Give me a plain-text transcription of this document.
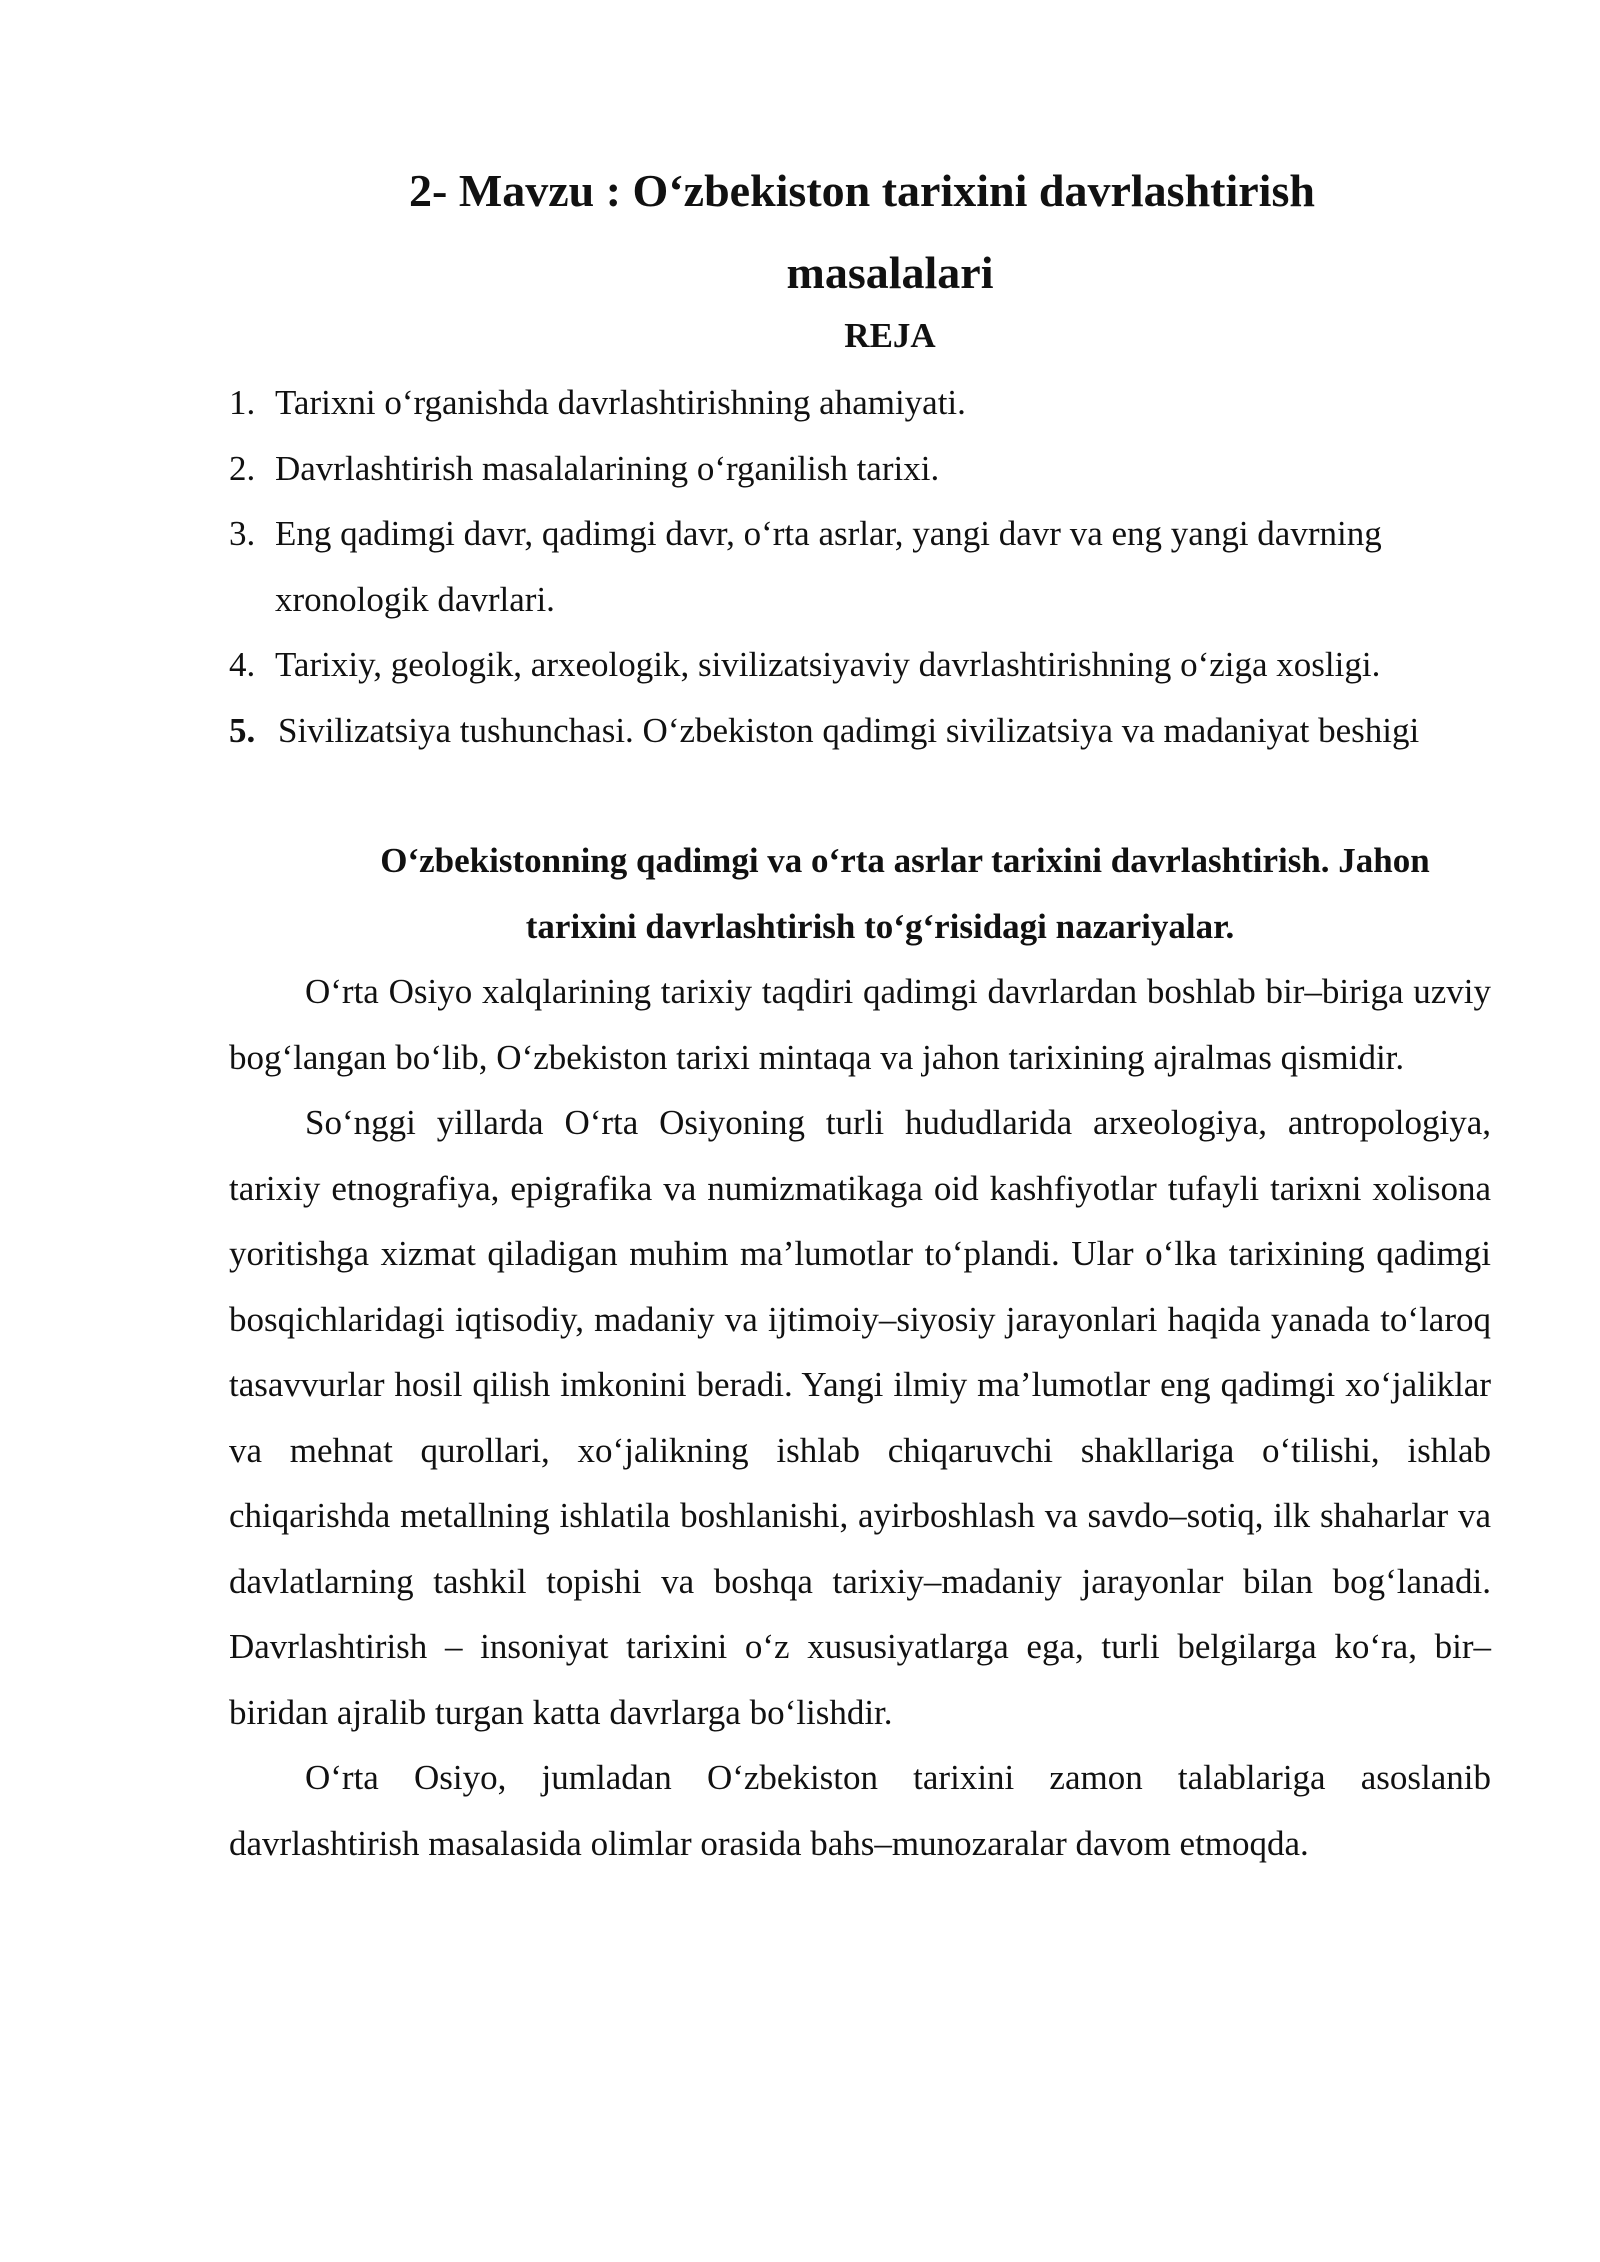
2- Mavzu : O‘zbekiston tarixini davrlashtirish
masalalari
REJA
1. Tarixni o‘rganishda davrlashtirishning ahamiyati.
2. Davrlashtirish masalalarining o‘rganilish tarixi.
3. Eng qadimgi davr, qadimgi davr, o‘rta asrlar, yangi davr va eng yangi davrning xronologik davrlari.
4. Tarixiy, geologik, arxeologik, sivilizatsiyaviy davrlashtirishning o‘ziga xosligi.
5. Sivilizatsiya tushunchasi. O‘zbekiston qadimgi sivilizatsiya va madaniyat beshigi
O‘zbekistonning qadimgi va o‘rta asrlar tarixini davrlashtirish. Jahon
tarixini davrlashtirish to‘g‘risidagi nazariyalar.

O‘rta Osiyo xalqlarining tarixiy taqdiri qadimgi davrlardan boshlab bir–biriga uzviy bog‘langan bo‘lib, O‘zbekiston tarixi mintaqa va jahon tarixining ajralmas qismidir.

So‘nggi yillarda O‘rta Osiyoning turli hududlarida arxeologiya, antropologiya, tarixiy etnografiya, epigrafika va numizmatikaga oid kashfiyotlar tufayli tarixni xolisona yoritishga xizmat qiladigan muhim ma’lumotlar to‘plandi. Ular o‘lka tarixining qadimgi bosqichlaridagi iqtisodiy, madaniy va ijtimoiy–siyosiy jarayonlari haqida yanada to‘laroq tasavvurlar hosil qilish imkonini beradi. Yangi ilmiy ma’lumotlar eng qadimgi xo‘jaliklar va mehnat qurollari, xo‘jalikning ishlab chiqaruvchi shakllariga o‘tilishi, ishlab chiqarishda metallning ishlatila boshlanishi, ayirboshlash va savdo–sotiq, ilk shaharlar va davlatlarning tashkil topishi va boshqa tarixiy–madaniy jarayonlar bilan bog‘lanadi. Davrlashtirish – insoniyat tarixini o‘z xususiyatlarga ega, turli belgilarga ko‘ra, bir–biridan ajralib turgan katta davrlarga bo‘lishdir.

O‘rta Osiyo, jumladan O‘zbekiston tarixini zamon talablariga asoslanib davrlashtirish masalasida olimlar orasida bahs–munozaralar davom etmoqda.
